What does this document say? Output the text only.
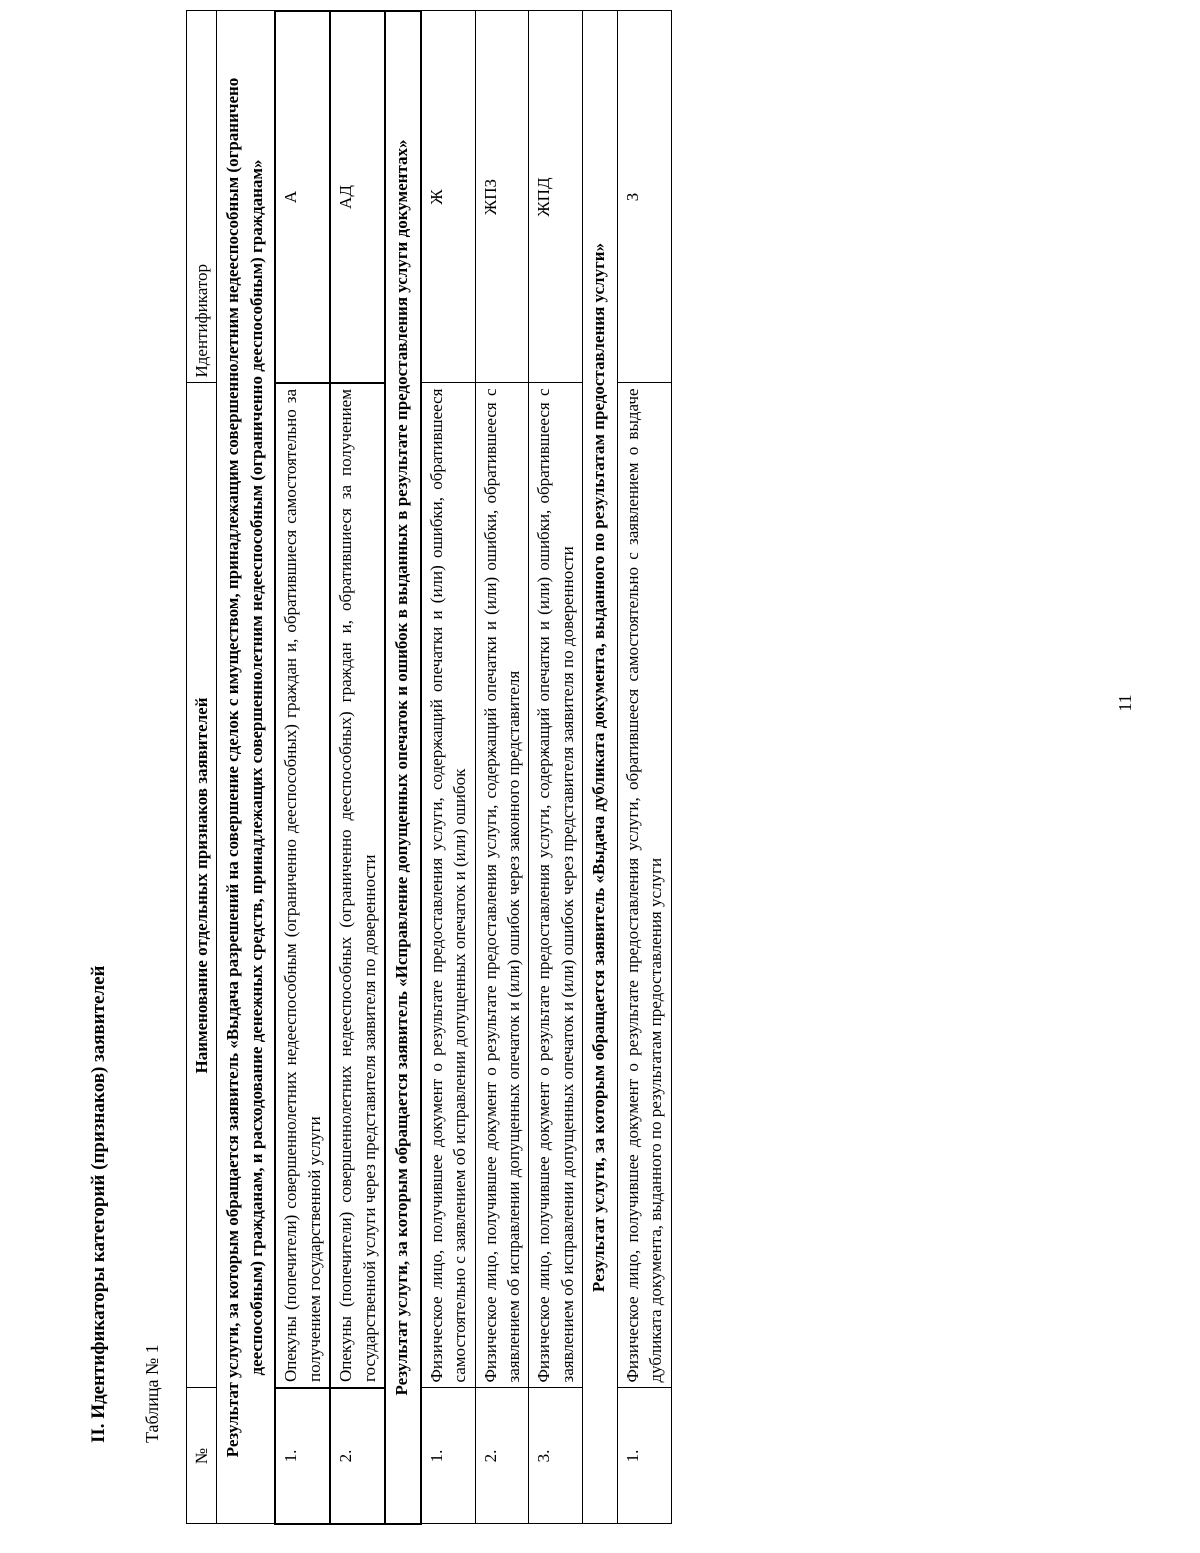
11
II. Идентификаторы категорий (признаков) заявителей Таблица № 1
№	Наименование отдельных признаков заявителей	Идентификатор
Результат услуги, за которым обращается заявитель «Выдача разрешений на совершение сделок с имуществом, принадлежащим совершеннолетним недееспособным (ограничено дееспособным) гражданам, и расходование денежных средств, принадлежащих совершеннолетним недееспособным (ограниченно дееспособным) гражданам»		
1.	Опекуны (попечители) совершеннолетних недееспособным (ограниченно дееспособных) граждан и, обратившиеся самостоятельно за получением государственной услуги	А
2.	Опекуны (попечители) совершеннолетних недееспособных (ограниченно дееспособных) граждан и, обратившиеся за получением государственной услуги через представителя заявителя по доверенности	АД
Результат услуги, за которым обращается заявитель «Исправление допущенных опечаток и ошибок в выданных в результате предоставления услуги документах»		
1.	Физическое лицо, получившее документ о результате предоставления услуги, содержащий опечатки и (или) ошибки, обратившееся самостоятельно с заявлением об исправлении допущенных опечаток и (или) ошибок	Ж
2.	Физическое лицо, получившее документ о результате предоставления услуги, содержащий опечатки и (или) ошибки, обратившееся с заявлением об исправлении допущенных опечаток и (или) ошибок через законного представителя	ЖПЗ
3.	Физическое лицо, получившее документ о результате предоставления услуги, содержащий опечатки и (или) ошибки, обратившееся с заявлением об исправлении допущенных опечаток и (или) ошибок через представителя заявителя по доверенности	ЖПД
Результат услуги, за которым обращается заявитель «Выдача дубликата документа, выданного по результатам предоставления услуги»		
1.	Физическое лицо, получившее документ о результате предоставления услуги, обратившееся самостоятельно с заявлением о выдаче дубликата документа, выданного по результатам предоставления услуги	З
